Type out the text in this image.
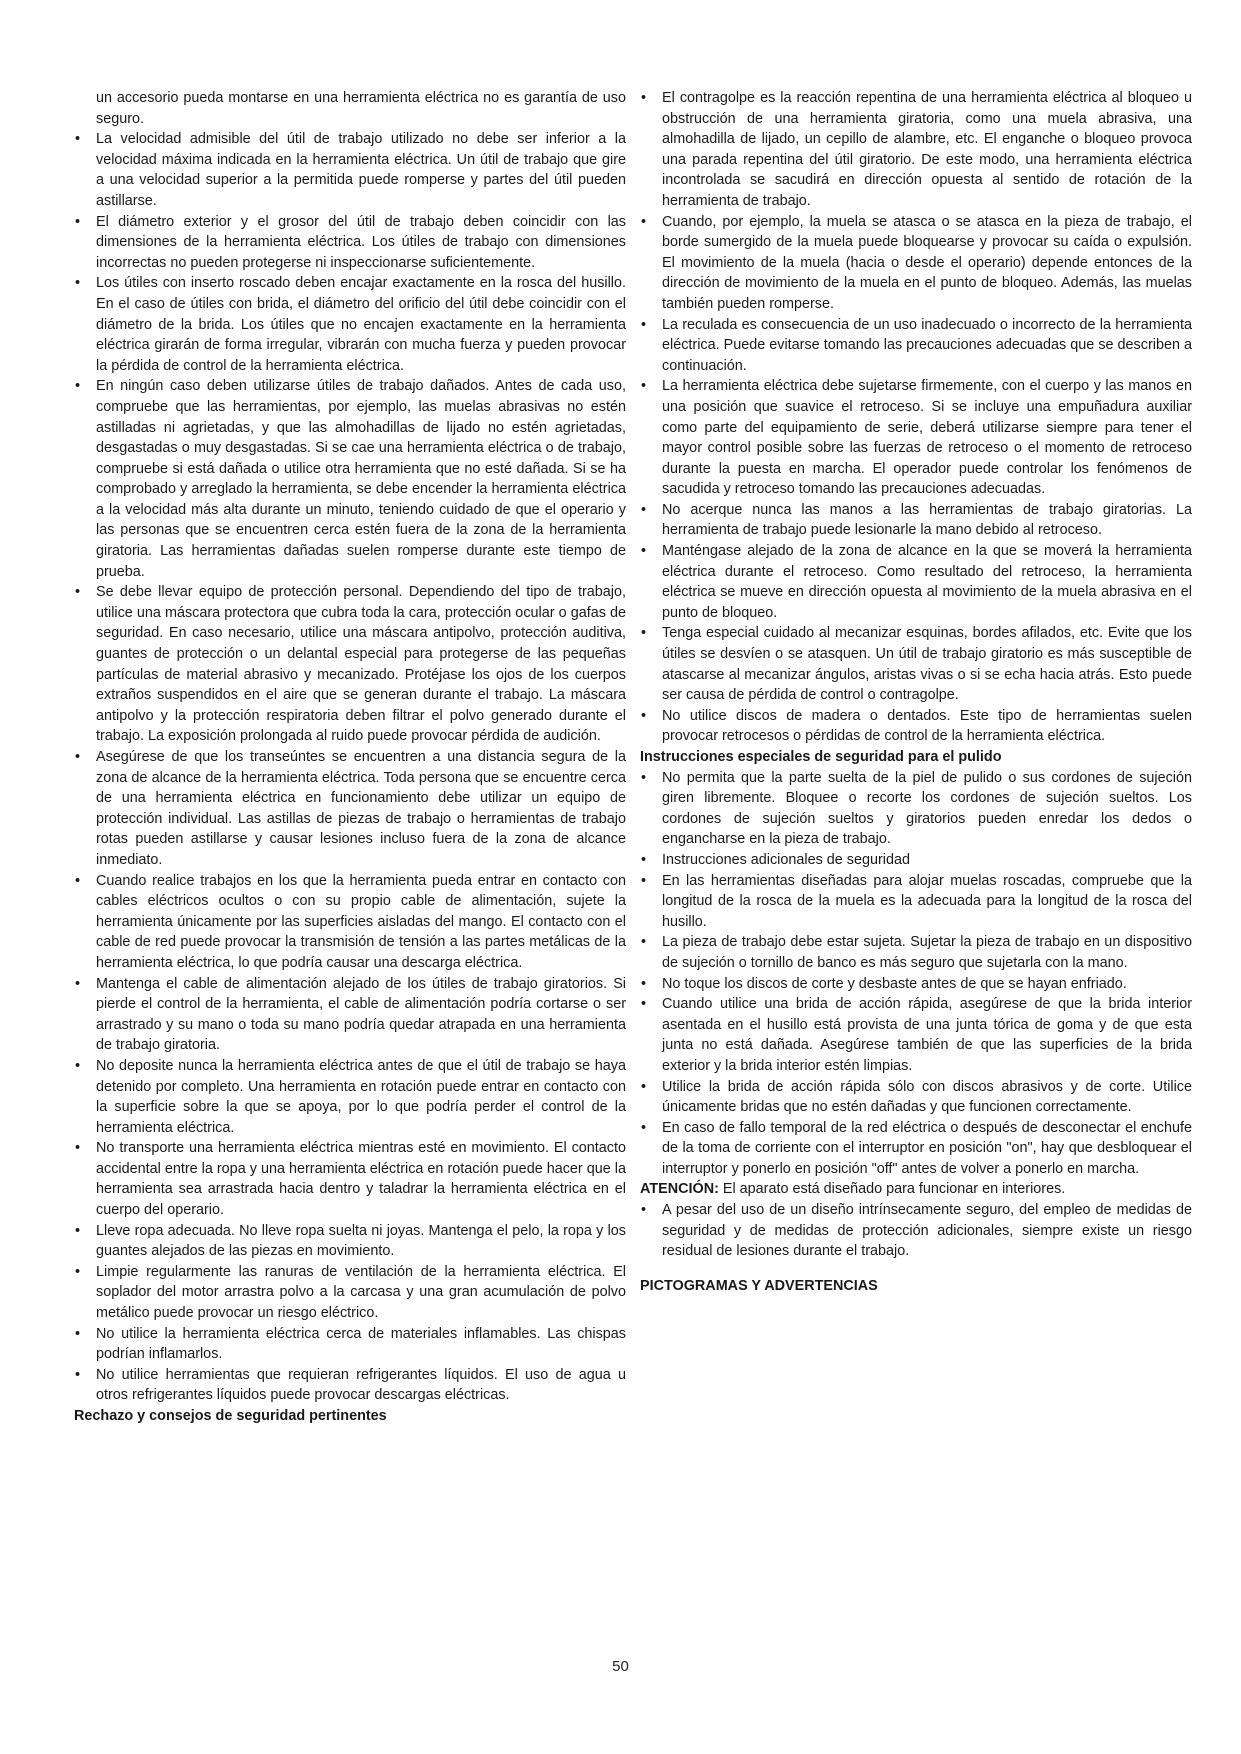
un accesorio pueda montarse en una herramienta eléctrica no es garantía de uso seguro.

• La velocidad admisible del útil de trabajo utilizado no debe ser inferior a la velocidad máxima indicada en la herramienta eléctrica. Un útil de trabajo que gire a una velocidad superior a la permitida puede romperse y partes del útil pueden astillarse.
• El diámetro exterior y el grosor del útil de trabajo deben coincidir con las dimensiones de la herramienta eléctrica. Los útiles de trabajo con dimensiones incorrectas no pueden protegerse ni inspeccionarse suficientemente.
• Los útiles con inserto roscado deben encajar exactamente en la rosca del husillo. En el caso de útiles con brida, el diámetro del orificio del útil debe coincidir con el diámetro de la brida. Los útiles que no encajen exactamente en la herramienta eléctrica girarán de forma irregular, vibrarán con mucha fuerza y pueden provocar la pérdida de control de la herramienta eléctrica.
• En ningún caso deben utilizarse útiles de trabajo dañados. Antes de cada uso, compruebe que las herramientas, por ejemplo, las muelas abrasivas no estén astilladas ni agrietadas, y que las almohadillas de lijado no estén agrietadas, desgastadas o muy desgastadas. Si se cae una herramienta eléctrica o de trabajo, compruebe si está dañada o utilice otra herramienta que no esté dañada. Si se ha comprobado y arreglado la herramienta, se debe encender la herramienta eléctrica a la velocidad más alta durante un minuto, teniendo cuidado de que el operario y las personas que se encuentren cerca estén fuera de la zona de la herramienta giratoria. Las herramientas dañadas suelen romperse durante este tiempo de prueba.
• Se debe llevar equipo de protección personal. Dependiendo del tipo de trabajo, utilice una máscara protectora que cubra toda la cara, protección ocular o gafas de seguridad. En caso necesario, utilice una máscara antipolvo, protección auditiva, guantes de protección o un delantal especial para protegerse de las pequeñas partículas de material abrasivo y mecanizado. Protéjase los ojos de los cuerpos extraños suspendidos en el aire que se generan durante el trabajo. La máscara antipolvo y la protección respiratoria deben filtrar el polvo generado durante el trabajo. La exposición prolongada al ruido puede provocar pérdida de audición.
• Asegúrese de que los transeúntes se encuentren a una distancia segura de la zona de alcance de la herramienta eléctrica. Toda persona que se encuentre cerca de una herramienta eléctrica en funcionamiento debe utilizar un equipo de protección individual. Las astillas de piezas de trabajo o herramientas de trabajo rotas pueden astillarse y causar lesiones incluso fuera de la zona de alcance inmediato.
• Cuando realice trabajos en los que la herramienta pueda entrar en contacto con cables eléctricos ocultos o con su propio cable de alimentación, sujete la herramienta únicamente por las superficies aisladas del mango. El contacto con el cable de red puede provocar la transmisión de tensión a las partes metálicas de la herramienta eléctrica, lo que podría causar una descarga eléctrica.
• Mantenga el cable de alimentación alejado de los útiles de trabajo giratorios. Si pierde el control de la herramienta, el cable de alimentación podría cortarse o ser arrastrado y su mano o toda su mano podría quedar atrapada en una herramienta de trabajo giratoria.
• No deposite nunca la herramienta eléctrica antes de que el útil de trabajo se haya detenido por completo. Una herramienta en rotación puede entrar en contacto con la superficie sobre la que se apoya, por lo que podría perder el control de la herramienta eléctrica.
• No transporte una herramienta eléctrica mientras esté en movimiento. El contacto accidental entre la ropa y una herramienta eléctrica en rotación puede hacer que la herramienta sea arrastrada hacia dentro y taladrar la herramienta eléctrica en el cuerpo del operario.
• Lleve ropa adecuada. No lleve ropa suelta ni joyas. Mantenga el pelo, la ropa y los guantes alejados de las piezas en movimiento.
• Limpie regularmente las ranuras de ventilación de la herramienta eléctrica. El soplador del motor arrastra polvo a la carcasa y una gran acumulación de polvo metálico puede provocar un riesgo eléctrico.
• No utilice la herramienta eléctrica cerca de materiales inflamables. Las chispas podrían inflamarlos.
• No utilice herramientas que requieran refrigerantes líquidos. El uso de agua u otros refrigerantes líquidos puede provocar descargas eléctricas.

Rechazo y consejos de seguridad pertinentes

• El contragolpe es la reacción repentina de una herramienta eléctrica al bloqueo u obstrucción de una herramienta giratoria, como una muela abrasiva, una almohadilla de lijado, un cepillo de alambre, etc. El enganche o bloqueo provoca una parada repentina del útil giratorio. De este modo, una herramienta eléctrica incontrolada se sacudirá en dirección opuesta al sentido de rotación de la herramienta de trabajo.
• Cuando, por ejemplo, la muela se atasca o se atasca en la pieza de trabajo, el borde sumergido de la muela puede bloquearse y provocar su caída o expulsión. El movimiento de la muela (hacia o desde el operario) depende entonces de la dirección de movimiento de la muela en el punto de bloqueo. Además, las muelas también pueden romperse.
• La reculada es consecuencia de un uso inadecuado o incorrecto de la herramienta eléctrica. Puede evitarse tomando las precauciones adecuadas que se describen a continuación.
• La herramienta eléctrica debe sujetarse firmemente, con el cuerpo y las manos en una posición que suavice el retroceso. Si se incluye una empuñadura auxiliar como parte del equipamiento de serie, deberá utilizarse siempre para tener el mayor control posible sobre las fuerzas de retroceso o el momento de retroceso durante la puesta en marcha. El operador puede controlar los fenómenos de sacudida y retroceso tomando las precauciones adecuadas.
• No acerque nunca las manos a las herramientas de trabajo giratorias. La herramienta de trabajo puede lesionarle la mano debido al retroceso.
• Manténgase alejado de la zona de alcance en la que se moverá la herramienta eléctrica durante el retroceso. Como resultado del retroceso, la herramienta eléctrica se mueve en dirección opuesta al movimiento de la muela abrasiva en el punto de bloqueo.
• Tenga especial cuidado al mecanizar esquinas, bordes afilados, etc. Evite que los útiles se desvíen o se atasquen. Un útil de trabajo giratorio es más susceptible de atascarse al mecanizar ángulos, aristas vivas o si se echa hacia atrás. Esto puede ser causa de pérdida de control o contragolpe.
• No utilice discos de madera o dentados. Este tipo de herramientas suelen provocar retrocesos o pérdidas de control de la herramienta eléctrica.

Instrucciones especiales de seguridad para el pulido

• No permita que la parte suelta de la piel de pulido o sus cordones de sujeción giren libremente. Bloquee o recorte los cordones de sujeción sueltos. Los cordones de sujeción sueltos y giratorios pueden enredar los dedos o engancharse en la pieza de trabajo.
• Instrucciones adicionales de seguridad
• En las herramientas diseñadas para alojar muelas roscadas, compruebe que la longitud de la rosca de la muela es la adecuada para la longitud de la rosca del husillo.
• La pieza de trabajo debe estar sujeta. Sujetar la pieza de trabajo en un dispositivo de sujeción o tornillo de banco es más seguro que sujetarla con la mano.
• No toque los discos de corte y desbaste antes de que se hayan enfriado.
• Cuando utilice una brida de acción rápida, asegúrese de que la brida interior asentada en el husillo está provista de una junta tórica de goma y de que esta junta no está dañada. Asegúrese también de que las superficies de la brida exterior y la brida interior estén limpias.
• Utilice la brida de acción rápida sólo con discos abrasivos y de corte. Utilice únicamente bridas que no estén dañadas y que funcionen correctamente.
• En caso de fallo temporal de la red eléctrica o después de desconectar el enchufe de la toma de corriente con el interruptor en posición "on", hay que desbloquear el interruptor y ponerlo en posición "off" antes de volver a ponerlo en marcha.

ATENCIÓN: El aparato está diseñado para funcionar en interiores.

• A pesar del uso de un diseño intrínsecamente seguro, del empleo de medidas de seguridad y de medidas de protección adicionales, siempre existe un riesgo residual de lesiones durante el trabajo.

PICTOGRAMAS Y ADVERTENCIAS

50
